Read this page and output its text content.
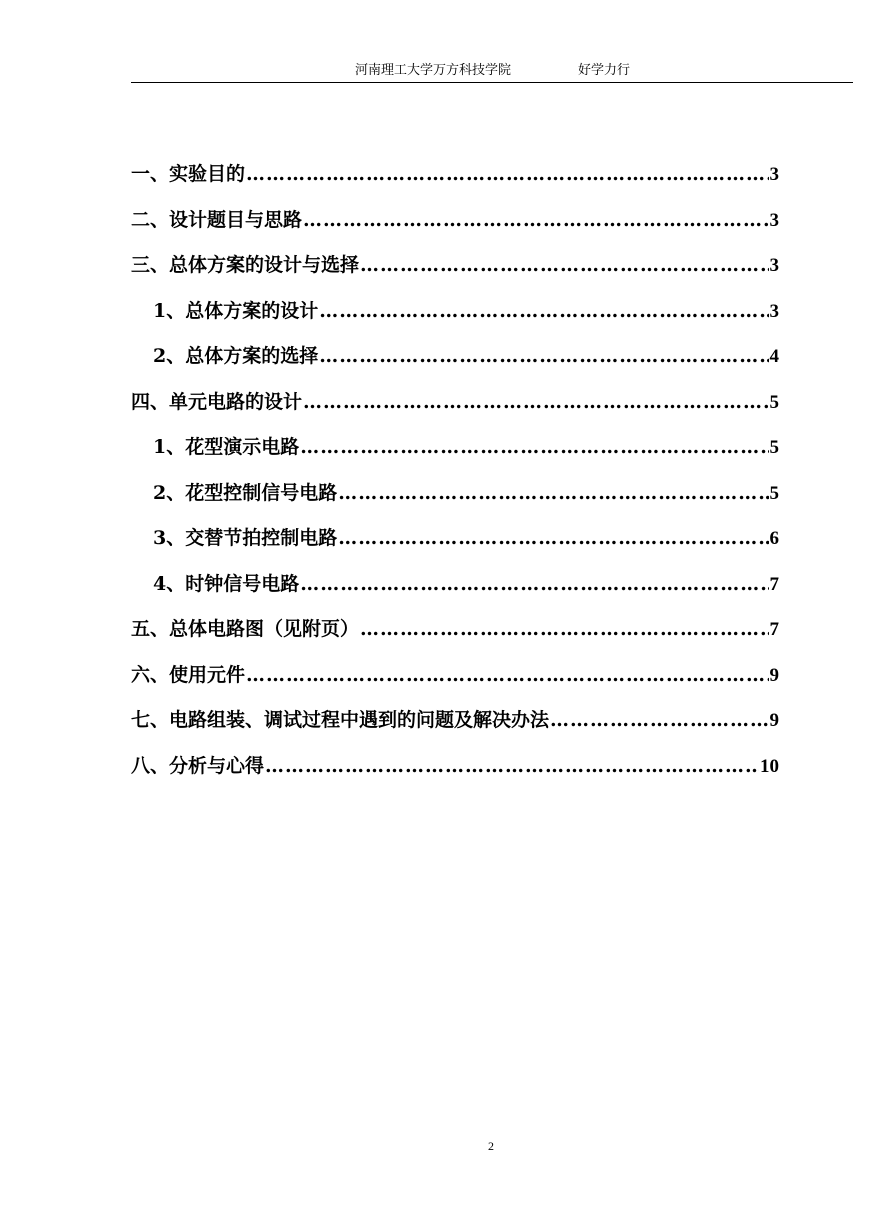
河南理工大学万方科技学院	好学力行
一、实验目的 ……………………………………………………………………………………………………………………………………………………………………	3
二、设计题目与思路 ……………………………………………………………………………………………………………………………………………………………………	3
三、总体方案的设计与选择 ……………………………………………………………………………………………………………………………………………………………………	3
1、总体方案的设计 ……………………………………………………………………………………………………………………………………………………………………	3
2、总体方案的选择 ……………………………………………………………………………………………………………………………………………………………………	4
四、单元电路的设计 ……………………………………………………………………………………………………………………………………………………………………	5
1、花型演示电路 ……………………………………………………………………………………………………………………………………………………………………	5
2、花型控制信号电路 ……………………………………………………………………………………………………………………………………………………………………	5
3、交替节拍控制电路 ……………………………………………………………………………………………………………………………………………………………………	6
4、时钟信号电路 ……………………………………………………………………………………………………………………………………………………………………	7
五、总体电路图（见附页） ……………………………………………………………………………………………………………………………………………………………………	7
六、使用元件 ……………………………………………………………………………………………………………………………………………………………………	9
七、电路组装、调试过程中遇到的问题及解决办法 ……………………………………………………………………………………………………………………………………………………………………	9
八、分析与心得 ……………………………………………………………………………………………………………………………………………………………………	10
2
